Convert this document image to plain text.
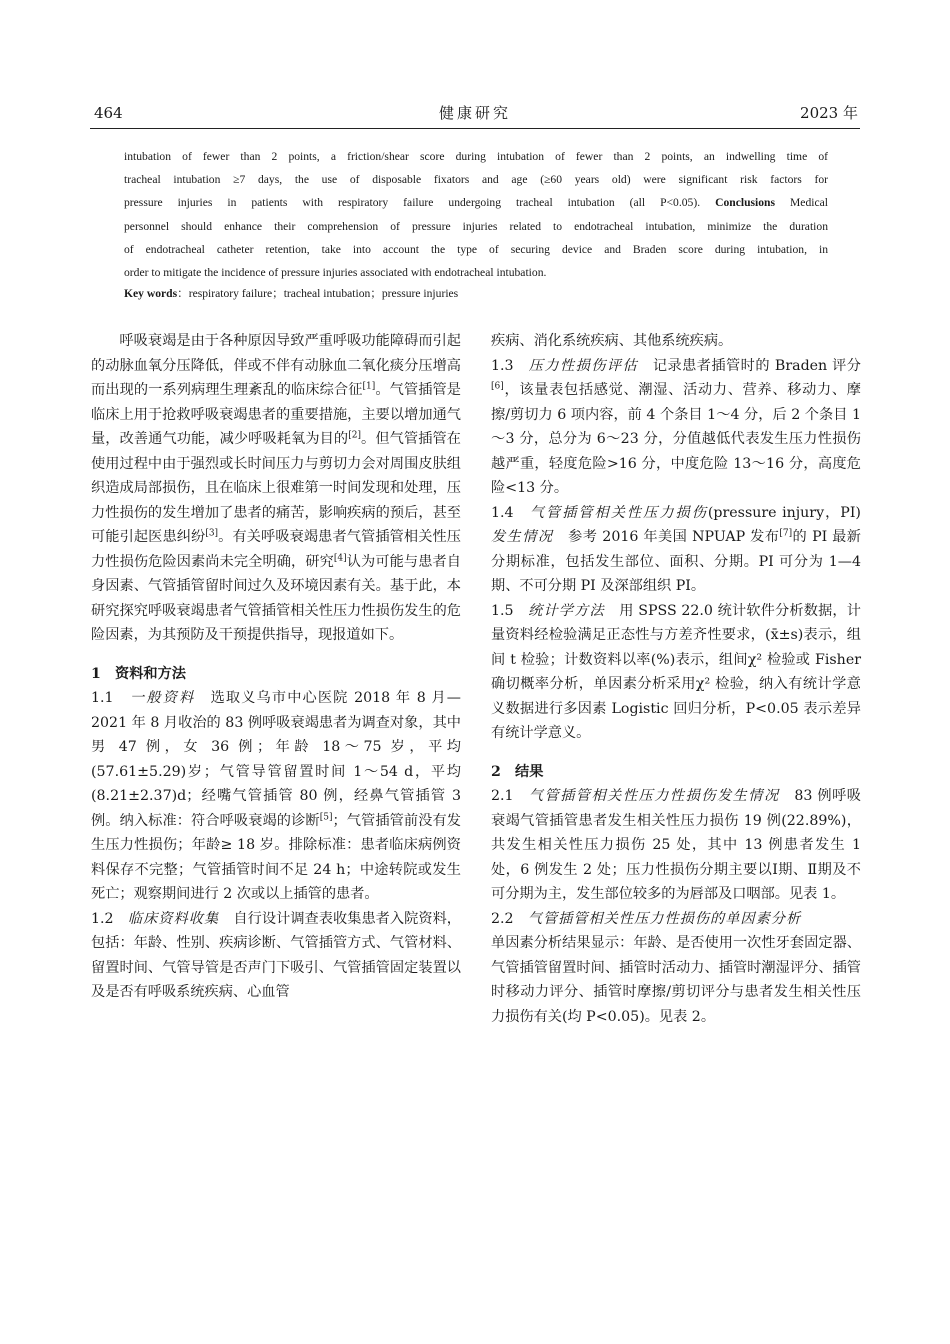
464	健康研究	2023 年

intubation of fewer than 2 points, a friction/shear score during intubation of fewer than 2 points, an indwelling time of

tracheal intubation ≥7 days, the use of disposable fixators and age (≥60 years old) were significant risk factors for

pressure injuries in patients with respiratory failure undergoing tracheal intubation (all P<0.05). Conclusions Medical

personnel should enhance their comprehension of pressure injuries related to endotracheal intubation, minimize the duration

of endotracheal catheter retention, take into account the type of securing device and Braden score during intubation, in

order to mitigate the incidence of pressure injuries associated with endotracheal intubation.

Key words：respiratory failure；tracheal intubation；pressure injuries

呼吸衰竭是由于各种原因导致严重呼吸功能障碍而引起的动脉血氧分压降低，伴或不伴有动脉血二氧化痰分压增高而出现的一系列病理生理紊乱的临床综合征[1]。气管插管是临床上用于抢救呼吸衰竭患者的重要措施，主要以增加通气量，改善通气功能，减少呼吸耗氧为目的[2]。但气管插管在使用过程中由于强烈或长时间压力与剪切力会对周围皮肤组织造成局部损伤，且在临床上很难第一时间发现和处理，压力性损伤的发生增加了患者的痛苦，影响疾病的预后，甚至可能引起医患纠纷[3]。有关呼吸衰竭患者气管插管相关性压力性损伤危险因素尚未完全明确，研究[4]认为可能与患者自身因素、气管插管留时间过久及环境因素有关。基于此，本研究探究呼吸衰竭患者气管插管相关性压力性损伤发生的危险因素，为其预防及干预提供指导，现报道如下。

1　资料和方法

1.1　 一般资料　选取义乌市中心医院 2018 年 8 月—2021 年 8 月收治的 83 例呼吸衰竭患者为调查对象，其中男 47 例，女 36 例；年龄 18～75 岁，平均(57.61±5.29)岁；气管导管留置时间 1～54 d，平均(8.21±2.37)d；经嘴气管插管 80 例，经鼻气管插管 3 例。纳入标准：符合呼吸衰竭的诊断[5]；气管插管前没有发生压力性损伤；年龄≥ 18 岁。排除标准：患者临床病例资料保存不完整；气管插管时间不足 24 h；中途转院或发生死亡；观察期间进行 2 次或以上插管的患者。

1.2　 临床资料收集　自行设计调查表收集患者入院资料，包括：年龄、性别、疾病诊断、气管插管方式、气管材料、留置时间、气管导管是否声门下吸引、气管插管固定装置以及是否有呼吸系统疾病、心血管

疾病、消化系统疾病、其他系统疾病。

1.3　 压力性损伤评估　记录患者插管时的 Braden 评分[6]，该量表包括感觉、潮湿、活动力、营养、移动力、摩擦/剪切力 6 项内容，前 4 个条目 1～4 分，后 2 个条目 1～3 分，总分为 6～23 分，分值越低代表发生压力性损伤越严重，轻度危险>16 分，中度危险 13～16 分，高度危险<13 分。

1.4　 气管插管相关性压力损伤(pressure injury，PI) 发生情况　参考 2016 年美国 NPUAP 发布[7]的 PI 最新分期标准，包括发生部位、面积、分期。PI 可分为 1—4 期、不可分期 PI 及深部组织 PI。

1.5　 统计学方法　用 SPSS 22.0 统计软件分析数据，计量资料经检验满足正态性与方差齐性要求，(x̄±s)表示，组间 t 检验；计数资料以率(%)表示，组间χ² 检验或 Fisher 确切概率分析，单因素分析采用χ² 检验，纳入有统计学意义数据进行多因素 Logistic 回归分析，P<0.05 表示差异有统计学意义。

2　结果

2.1　 气管插管相关性压力性损伤发生情况　83 例呼吸衰竭气管插管患者发生相关性压力损伤 19 例(22.89%)，共发生相关性压力损伤 25 处，其中 13 例患者发生 1 处，6 例发生 2 处；压力性损伤分期主要以Ⅰ期、Ⅱ期及不可分期为主，发生部位较多的为唇部及口咽部。见表 1。

2.2　 气管插管相关性压力性损伤的单因素分析
单因素分析结果显示：年龄、是否使用一次性牙套固定器、气管插管留置时间、插管时活动力、插管时潮湿评分、插管时移动力评分、插管时摩擦/剪切评分与患者发生相关性压力损伤有关(均 P<0.05)。见表 2。
